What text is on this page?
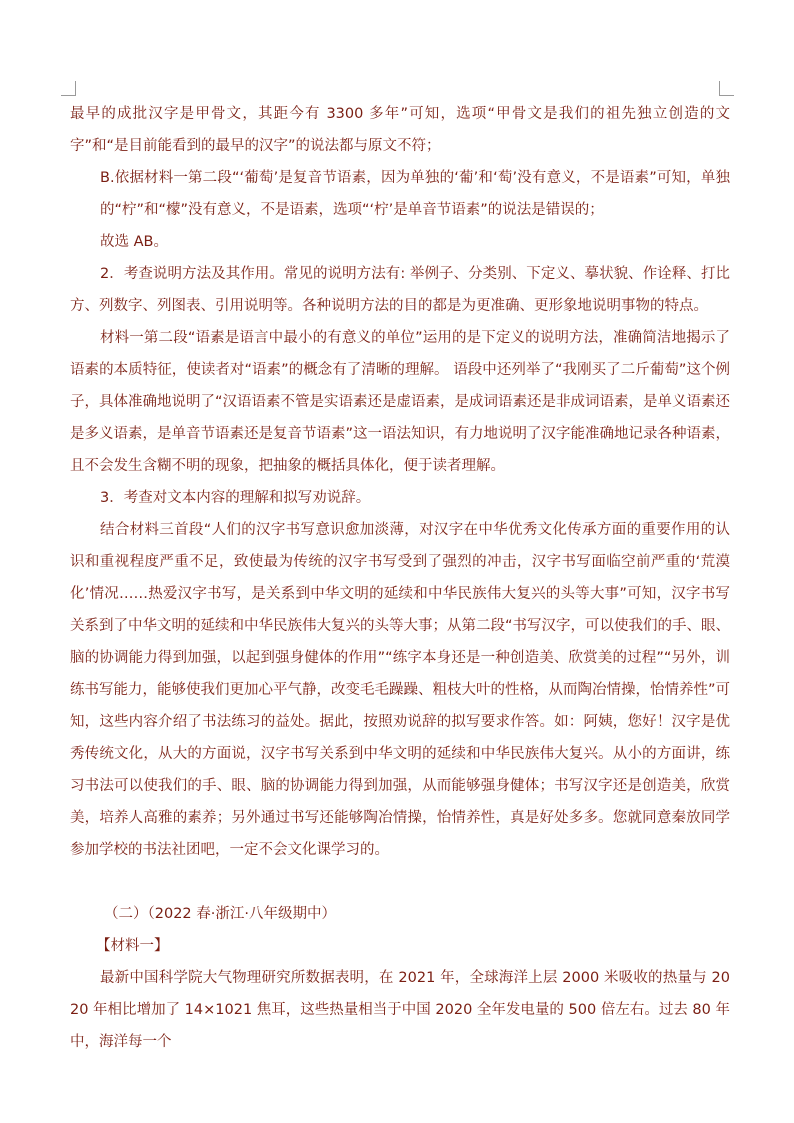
最早的成批汉字是甲骨文，其距今有 3300 多年”可知，选项“甲骨文是我们的祖先独立创造的文字”和“是目前能看到的最早的汉字”的说法都与原文不符；

B.依据材料一第二段“‘葡萄’是复音节语素，因为单独的‘葡’和‘萄’没有意义，不是语素”可知，单独的“柠”和“檬”没有意义，不是语素，选项“‘柠’是单音节语素”的说法是错误的；

故选 AB。

2．考查说明方法及其作用。常见的说明方法有: 举例子、分类别、下定义、摹状貌、作诠释、打比方、列数字、列图表、引用说明等。各种说明方法的目的都是为更准确、更形象地说明事物的特点。

材料一第二段“语素是语言中最小的有意义的单位”运用的是下定义的说明方法，准确简洁地揭示了语素的本质特征，使读者对“语素”的概念有了清晰的理解。 语段中还列举了“我刚买了二斤葡萄”这个例子，具体准确地说明了“汉语语素不管是实语素还是虚语素，是成词语素还是非成词语素，是单义语素还是多义语素，是单音节语素还是复音节语素”这一语法知识，有力地说明了汉字能准确地记录各种语素，且不会发生含糊不明的现象，把抽象的概括具体化，便于读者理解。

3．考查对文本内容的理解和拟写劝说辞。

结合材料三首段“人们的汉字书写意识愈加淡薄，对汉字在中华优秀文化传承方面的重要作用的认识和重视程度严重不足，致使最为传统的汉字书写受到了强烈的冲击，汉字书写面临空前严重的‘荒漠化’情况……热爱汉字书写，是关系到中华文明的延续和中华民族伟大复兴的头等大事”可知，汉字书写关系到了中华文明的延续和中华民族伟大复兴的头等大事；从第二段“书写汉字，可以使我们的手、眼、脑的协调能力得到加强，以起到强身健体的作用”“练字本身还是一种创造美、欣赏美的过程”“另外，训练书写能力，能够使我们更加心平气静，改变毛毛躁躁、粗枝大叶的性格，从而陶冶情操，怡情养性”可知，这些内容介绍了书法练习的益处。据此，按照劝说辞的拟写要求作答。如：阿姨，您好！汉字是优秀传统文化，从大的方面说，汉字书写关系到中华文明的延续和中华民族伟大复兴。从小的方面讲，练习书法可以使我们的手、眼、脑的协调能力得到加强，从而能够强身健体；书写汉字还是创造美，欣赏美，培养人高雅的素养；另外通过书写还能够陶冶情操，怡情养性，真是好处多多。您就同意秦放同学参加学校的书法社团吧，一定不会文化课学习的。

（二）（2022 春·浙江·八年级期中）

【材料一】

最新中国科学院大气物理研究所数据表明，在 2021 年，全球海洋上层 2000 米吸收的热量与 2020 年相比增加了 14×1021 焦耳，这些热量相当于中国 2020 全年发电量的 500 倍左右。过去 80 年中，海洋每一个
